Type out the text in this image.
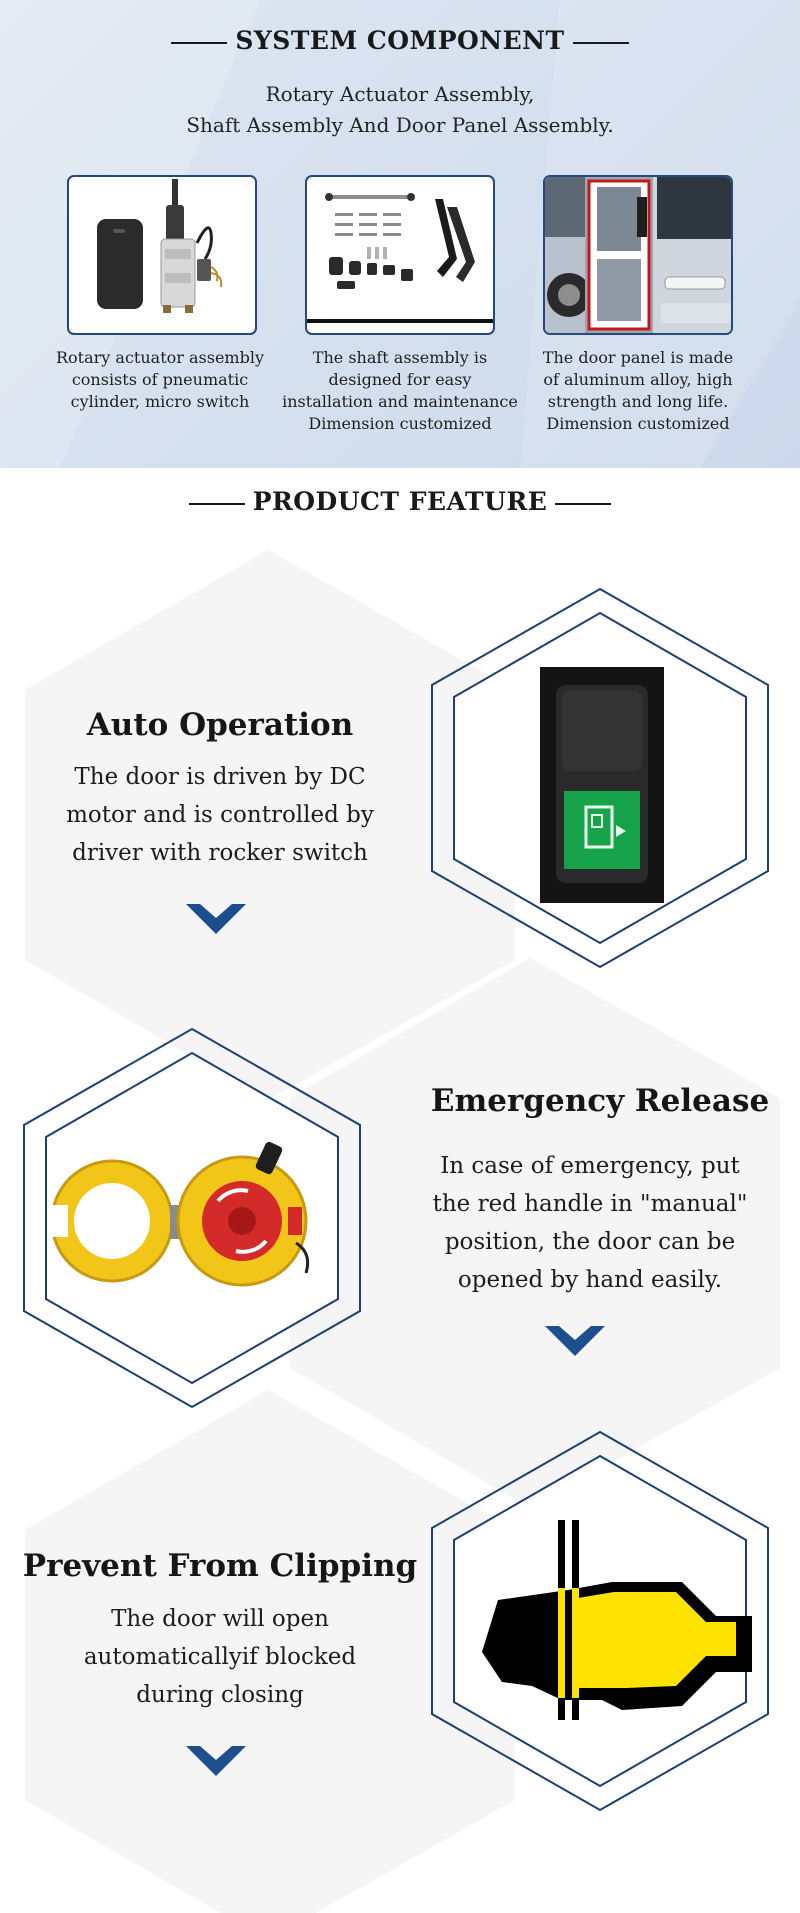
SYSTEM COMPONENT
Rotary Actuator Assembly,
Shaft Assembly And Door Panel Assembly.
Rotary actuator assembly
consists of pneumatic
cylinder, micro switch
The shaft assembly is
designed for easy
installation and maintenance
Dimension customized
The door panel is made
of aluminum alloy, high
strength and long life.
Dimension customized
PRODUCT FEATURE
Auto Operation
The door is driven by DC
motor and is controlled by
driver with rocker switch
Emergency Release
In case of emergency, put
the red handle in "manual"
position, the door can be
opened by hand easily.
Prevent From Clipping
The door will open
automaticallyif blocked
during closing
